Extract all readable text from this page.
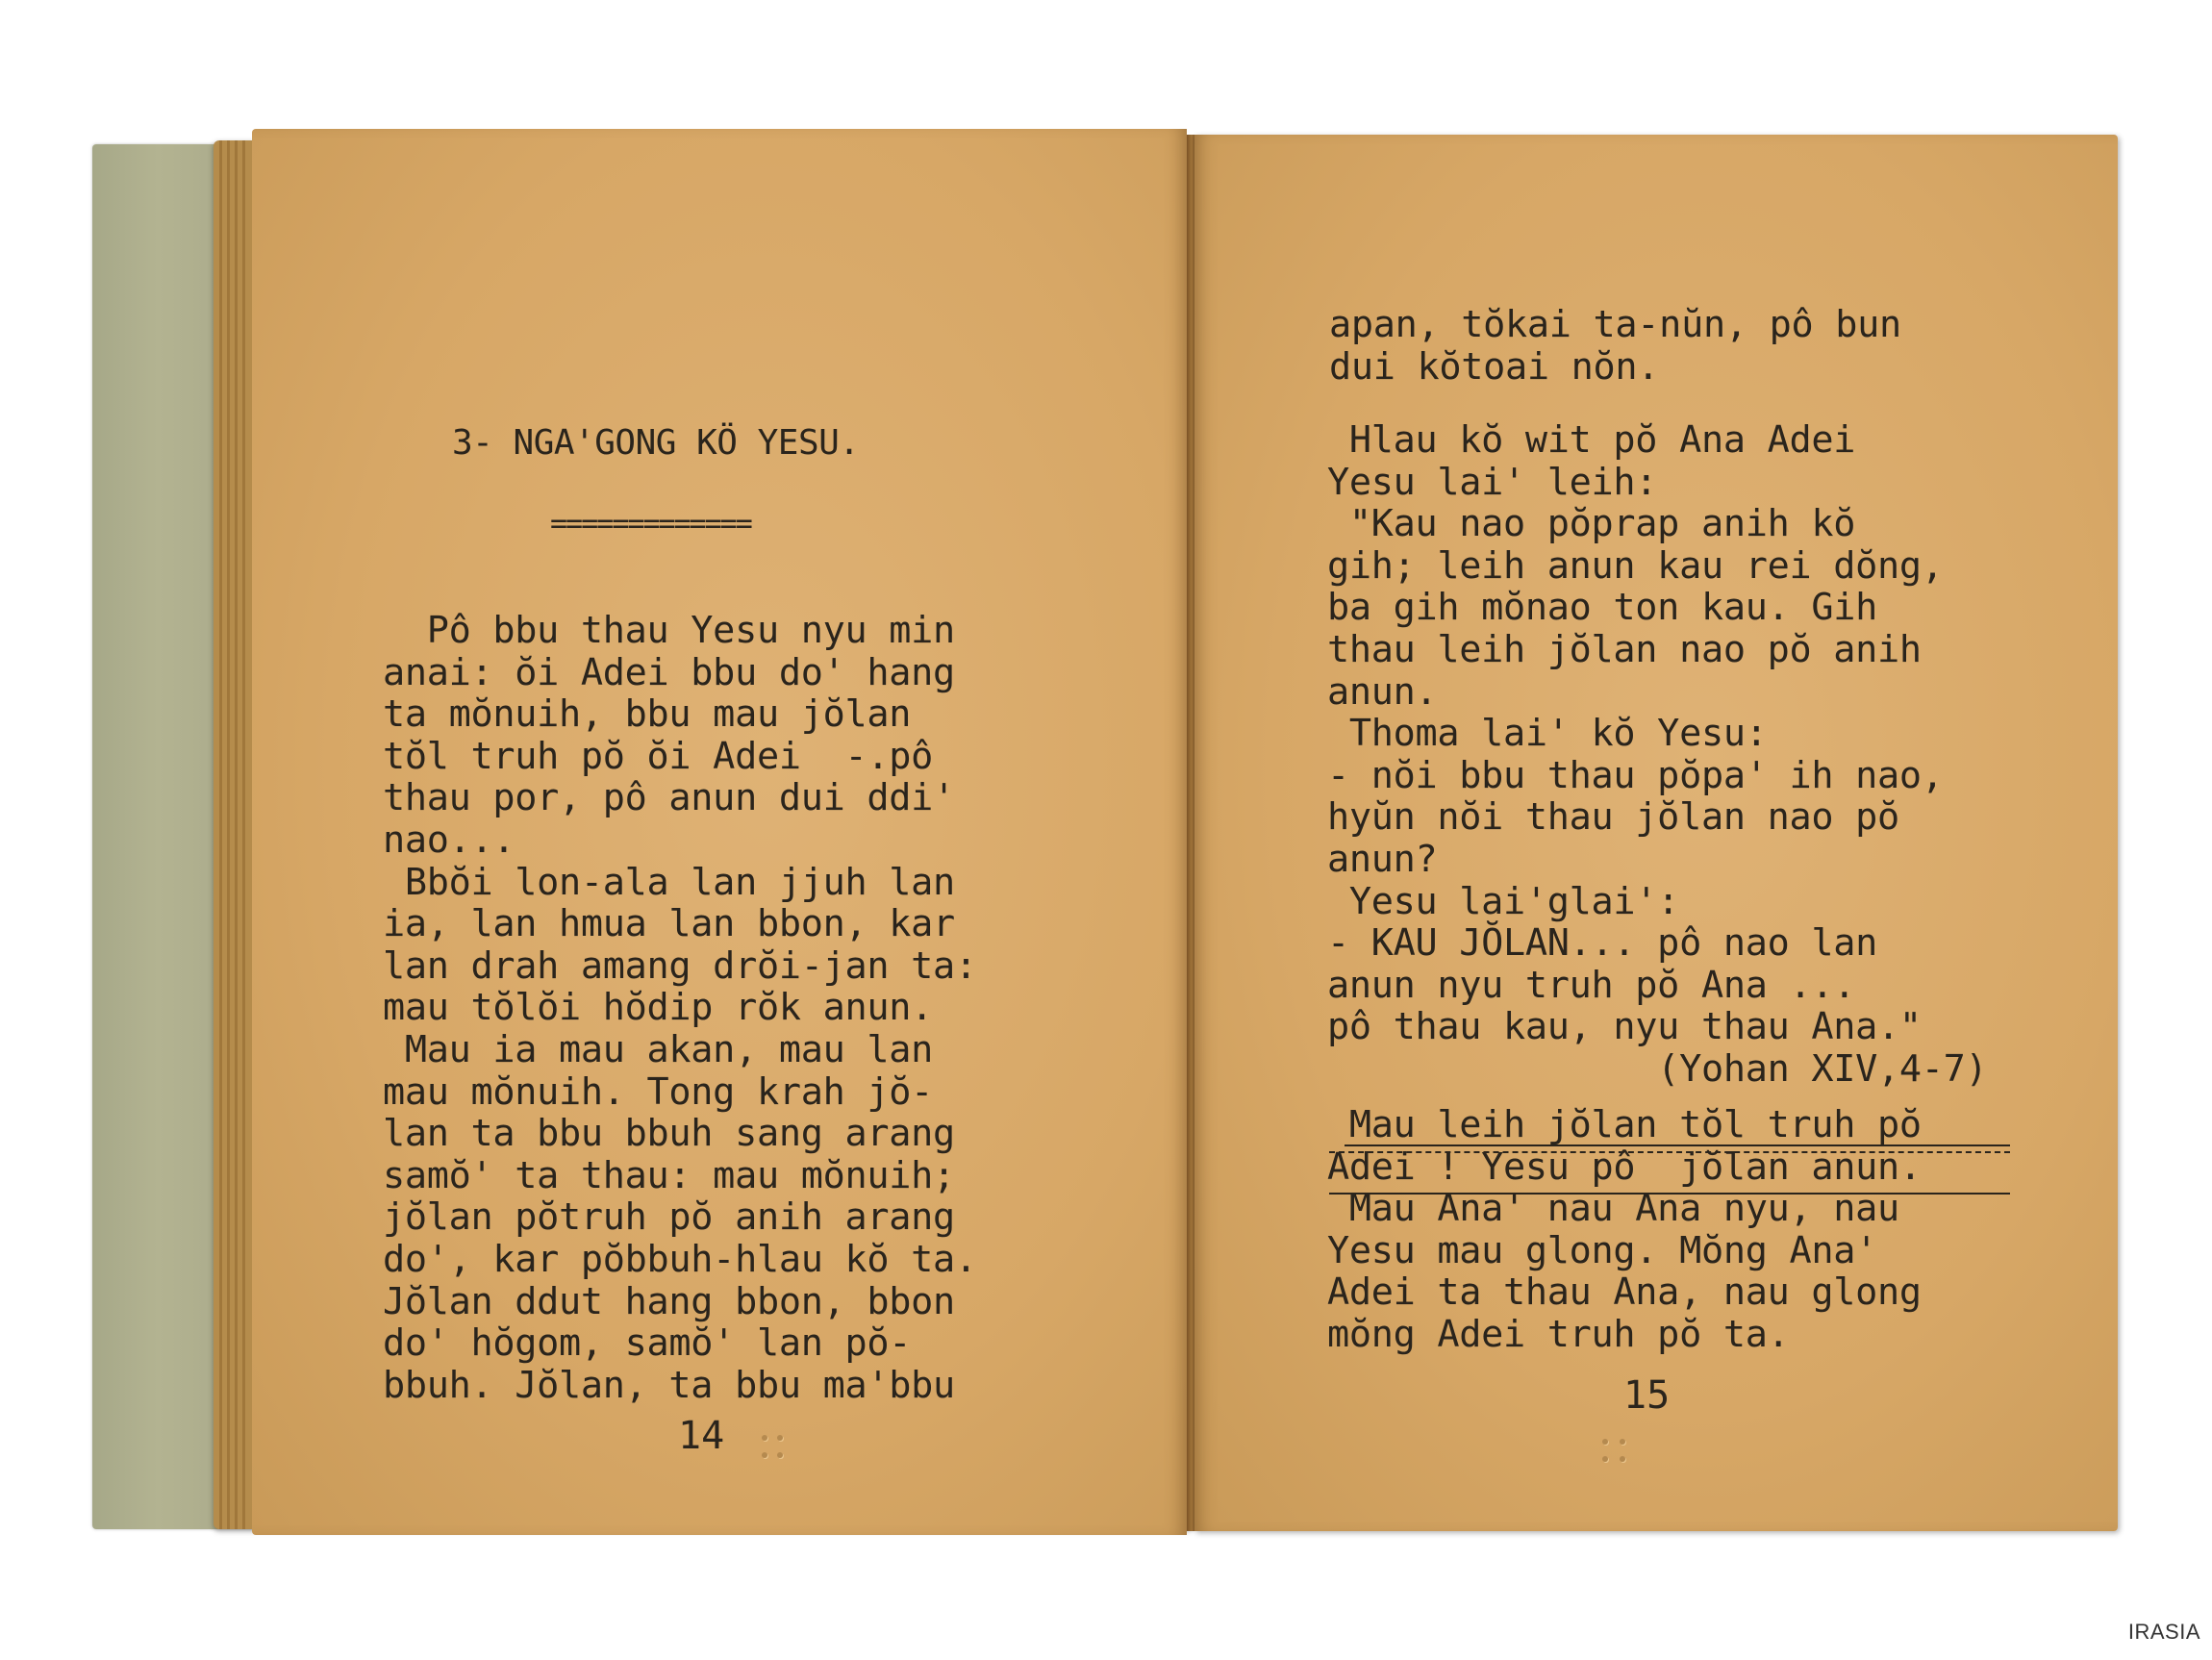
3- NGA'GONG KÖ YESU.
=============
Pô bbu thau Yesu nyu min
anai: ŏi Adei bbu do' hang
ta mŏnuih, bbu mau jŏlan
tŏl truh pŏ ŏi Adei  -.pô
thau por, pô anun dui ddi'
nao...
Bbŏi lon-ala lan jjuh lan
ia, lan hmua lan bbon, kar
lan drah amang drŏi-jan ta:
mau tŏlŏi hŏdip rŏk anun.
Mau ia mau akan, mau lan
mau mŏnuih. Tong krah jŏ-
lan ta bbu bbuh sang arang
samŏ' ta thau: mau mŏnuih;
jŏlan pŏtruh pŏ anih arang
do', kar pŏbbuh-hlau kŏ ta.
Jŏlan ddut hang bbon, bbon
do' hŏgom, samŏ' lan pŏ-
bbuh. Jŏlan, ta bbu ma'bbu
14
apan, tŏkai ta-nŭn, pô bun
dui kŏtoai nŏn.
Hlau kŏ wit pŏ Ana Adei
Yesu lai' leih:
"Kau nao pŏprap anih kŏ
gih; leih anun kau rei dŏng,
ba gih mŏnao ton kau. Gih
thau leih jŏlan nao pŏ anih
anun.
Thoma lai' kŏ Yesu:
- nŏi bbu thau pŏpa' ih nao,
hyŭn nŏi thau jŏlan nao pŏ
anun?
Yesu lai'glai':
- KAU JŎLAN... pô nao lan
anun nyu truh pŏ Ana ...
pô thau kau, nyu thau Ana."
(Yohan XIV,4-7)
Mau leih jŏlan tŏl truh pŏ
Adei ! Yesu pô  jŏlan anun.
Mau Ana' nau Ana nyu, nau
Yesu mau glong. Mŏng Ana'
Adei ta thau Ana, nau glong
mŏng Adei truh pŏ ta.
15
IRASIA
